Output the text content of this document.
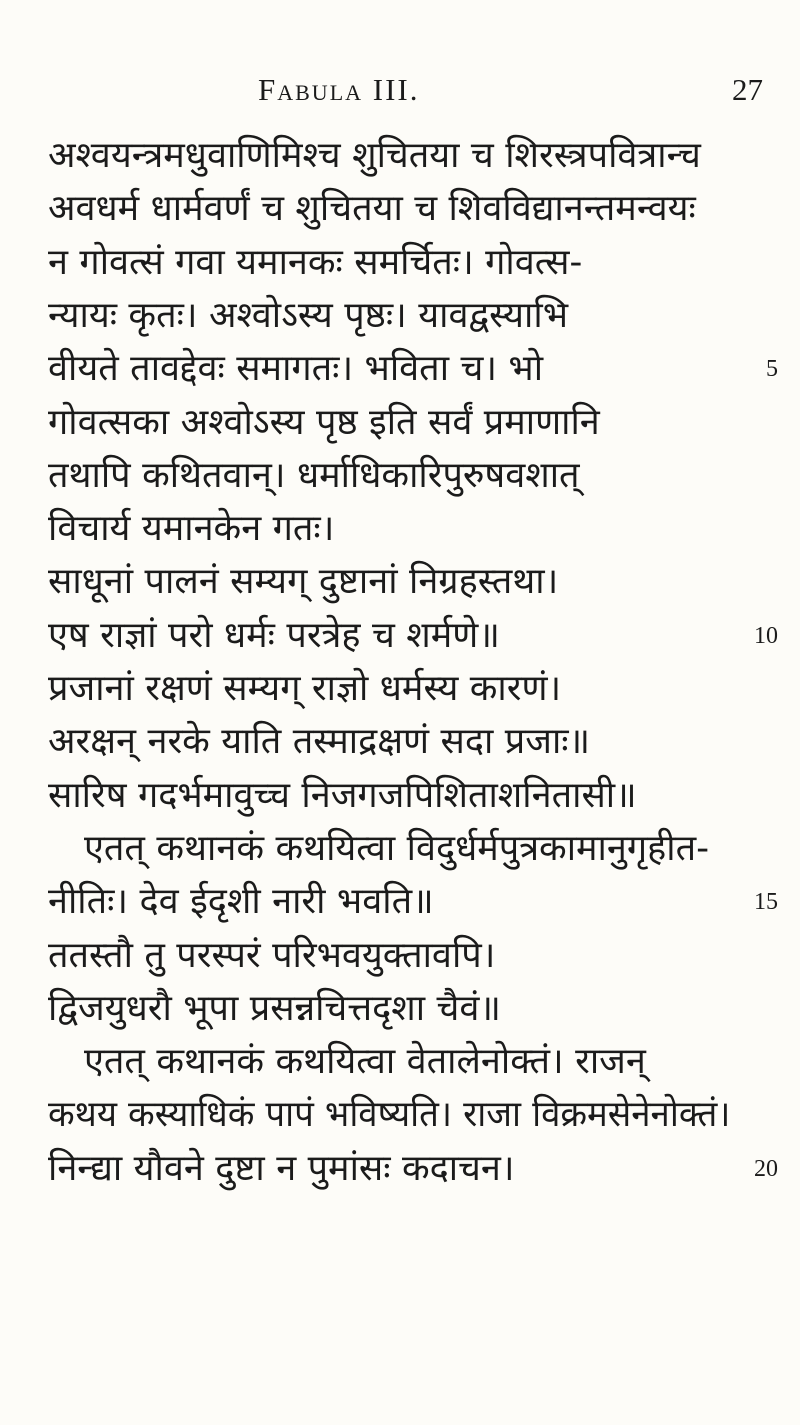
Fabula III.	27
अश्वयन्त्रमधुवाणिमिश्च शुचितया च शिरस्त्रपवित्रान्च
अवधर्म धार्मवर्णं च शुचितया च शिवविद्यानन्तमन्वयः
न गोवत्सं गवा यमानकः समर्चितः। गोवत्स-
न्यायः कृतः। अश्वोऽस्य पृष्ठः। यावद्वस्याभि
वीयते तावद्देवः समागतः। भविता च। भो	5
गोवत्सका अश्वोऽस्य पृष्ठ इति सर्वं प्रमाणानि
तथापि कथितवान्। धर्माधिकारिपुरुषवशात्
विचार्य यमानकेन गतः।
साधूनां पालनं सम्यग् दुष्टानां निग्रहस्तथा।
एष राज्ञां परो धर्मः परत्रेह च शर्मणे॥	10
प्रजानां रक्षणं सम्यग् राज्ञो धर्मस्य कारणं।
अरक्षन् नरके याति तस्माद्रक्षणं सदा प्रजाः॥
सारिष गदर्भमावुच्च निजगजपिशिताशनितासी॥
एतत् कथानकं कथयित्वा विदुर्धर्मपुत्रकामानुगृहीत-
नीतिः। देव ईदृशी नारी भवति॥	15
ततस्तौ तु परस्परं परिभवयुक्तावपि।
द्विजयुधरौ भूपा प्रसन्नचित्तदृशा चैवं॥
एतत् कथानकं कथयित्वा वेतालेनोक्तं। राजन्
कथय कस्याधिकं पापं भविष्यति। राजा विक्रमसेनेनोक्तं।
निन्द्या यौवने दुष्टा न पुमांसः कदाचन।	20
